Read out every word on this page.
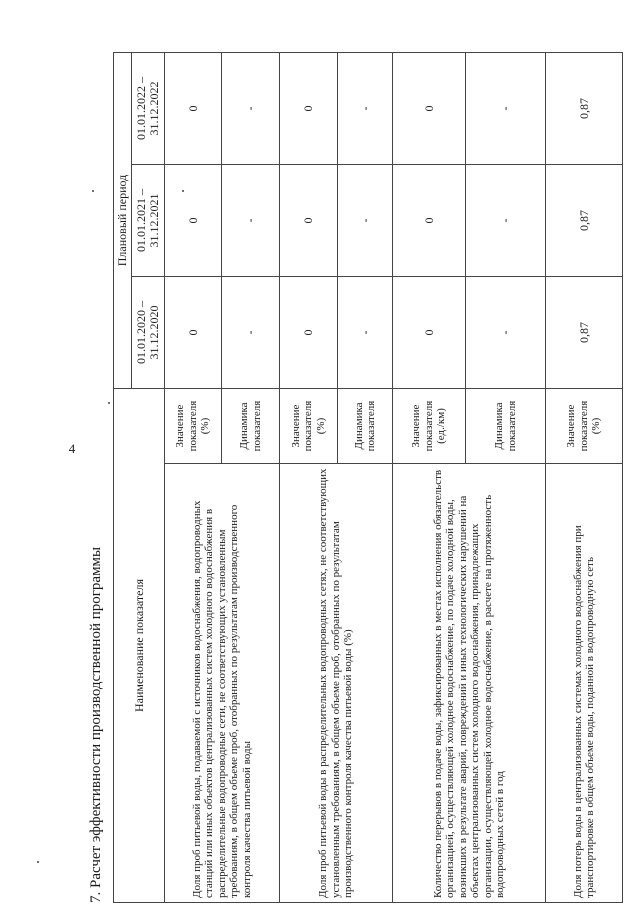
4
7. Расчет эффективности производственной программы Наименование показателя		Плановый период		
		01.01.2020 – 31.12.2020	01.01.2021 – 31.12.2021	01.01.2022 – 31.12.2022
Доля проб питьевой воды, подаваемой с источников водоснабжения, водопроводных станций или иных объектов централизованных систем холодного водоснабжения в распределительные водопроводные сети, не соответствующих установленным требованиям, в общем объеме проб, отобранных по результатам производственного контроля качества питьевой воды	Значение показателя (%)	0	0	0
	Динамика показателя	-	-	-
Доля проб питьевой воды в распределительных водопроводных сетях, не соответствующих установленным требованиям, в общем объеме проб, отобранных по результатам производственного контроля качества питьевой воды (%)	Значение показателя (%)	0	0	0
	Динамика показателя	-	-	-
Количество перерывов в подаче воды, зафиксированных в местах исполнения обязательств организацией, осуществляющей холодное водоснабжение, по подаче холодной воды, возникших в результате аварий, повреждений и иных технологических нарушений на объектах централизованных систем холодного водоснабжения, принадлежащих организации, осуществляющей холодное водоснабжение, в расчете на протяженность водопроводных сетей в год	Значение показателя (ед./км)	0	0	0
	Динамика показателя	-	-	-
Доля потерь воды в централизованных системах холодного водоснабжения при транспортировке в общем объеме воды, поданной в водопроводную сеть	Значение показателя (%)	0,87	0,87	0,87
